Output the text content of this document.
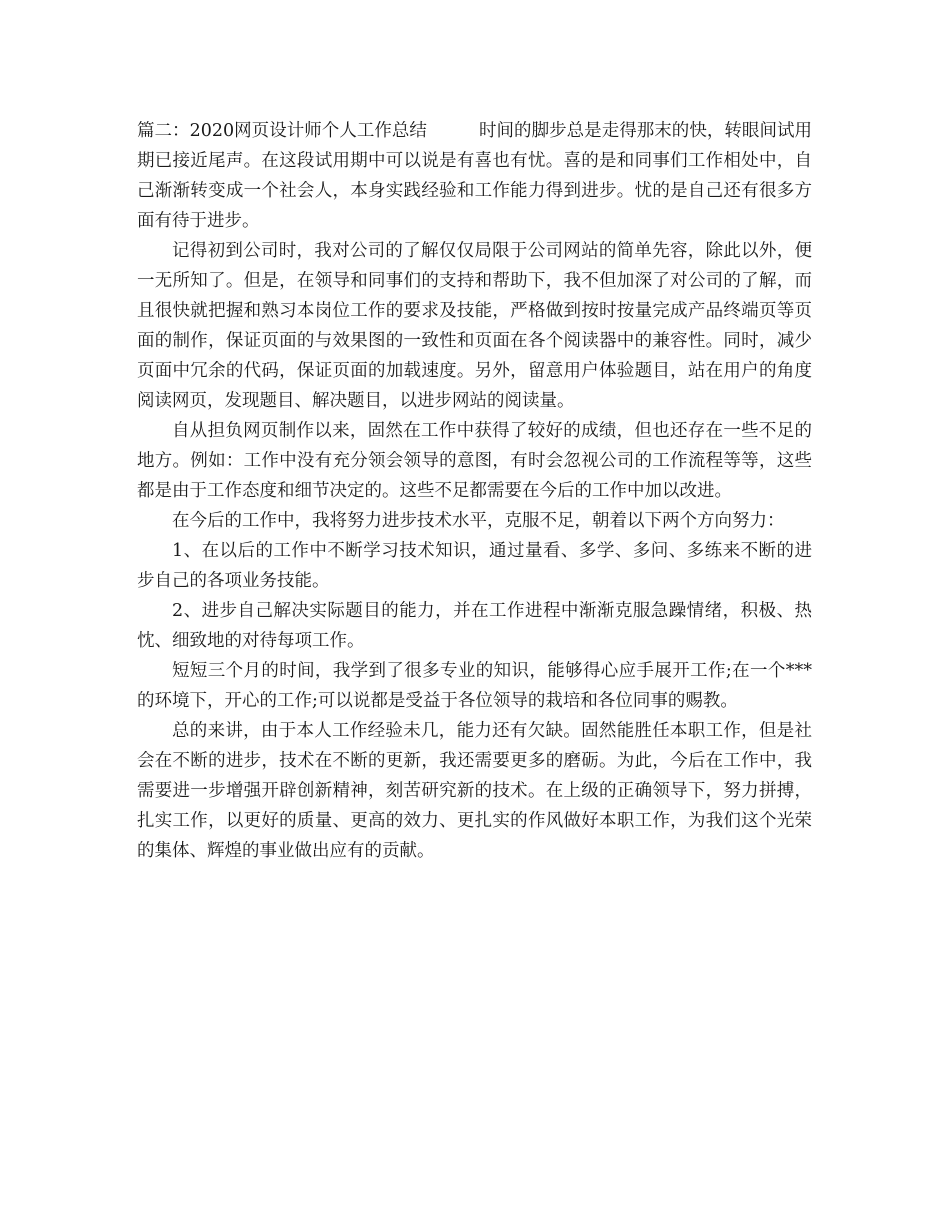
篇二：2020网页设计师个人工作总结	时间的脚步总是走得那末的快，转眼间试用期已接近尾声。在这段试用期中可以说是有喜也有忧。喜的是和同事们工作相处中，自己渐渐转变成一个社会人，本身实践经验和工作能力得到进步。忧的是自己还有很多方面有待于进步。

记得初到公司时，我对公司的了解仅仅局限于公司网站的简单先容，除此以外，便一无所知了。但是，在领导和同事们的支持和帮助下，我不但加深了对公司的了解，而且很快就把握和熟习本岗位工作的要求及技能，严格做到按时按量完成产品终端页等页面的制作，保证页面的与效果图的一致性和页面在各个阅读器中的兼容性。同时，减少页面中冗余的代码，保证页面的加载速度。另外，留意用户体验题目，站在用户的角度阅读网页，发现题目、解决题目，以进步网站的阅读量。

自从担负网页制作以来，固然在工作中获得了较好的成绩，但也还存在一些不足的地方。例如：工作中没有充分领会领导的意图，有时会忽视公司的工作流程等等，这些都是由于工作态度和细节决定的。这些不足都需要在今后的工作中加以改进。

在今后的工作中，我将努力进步技术水平，克服不足，朝着以下两个方向努力：

1、在以后的工作中不断学习技术知识，通过量看、多学、多问、多练来不断的进步自己的各项业务技能。

2、进步自己解决实际题目的能力，并在工作进程中渐渐克服急躁情绪，积极、热忱、细致地的对待每项工作。

短短三个月的时间，我学到了很多专业的知识，能够得心应手展开工作;在一个***的环境下，开心的工作;可以说都是受益于各位领导的栽培和各位同事的赐教。

总的来讲，由于本人工作经验未几，能力还有欠缺。固然能胜任本职工作，但是社会在不断的进步，技术在不断的更新，我还需要更多的磨砺。为此，今后在工作中，我需要进一步增强开辟创新精神，刻苦研究新的技术。在上级的正确领导下，努力拼搏，扎实工作，以更好的质量、更高的效力、更扎实的作风做好本职工作，为我们这个光荣的集体、辉煌的事业做出应有的贡献。
